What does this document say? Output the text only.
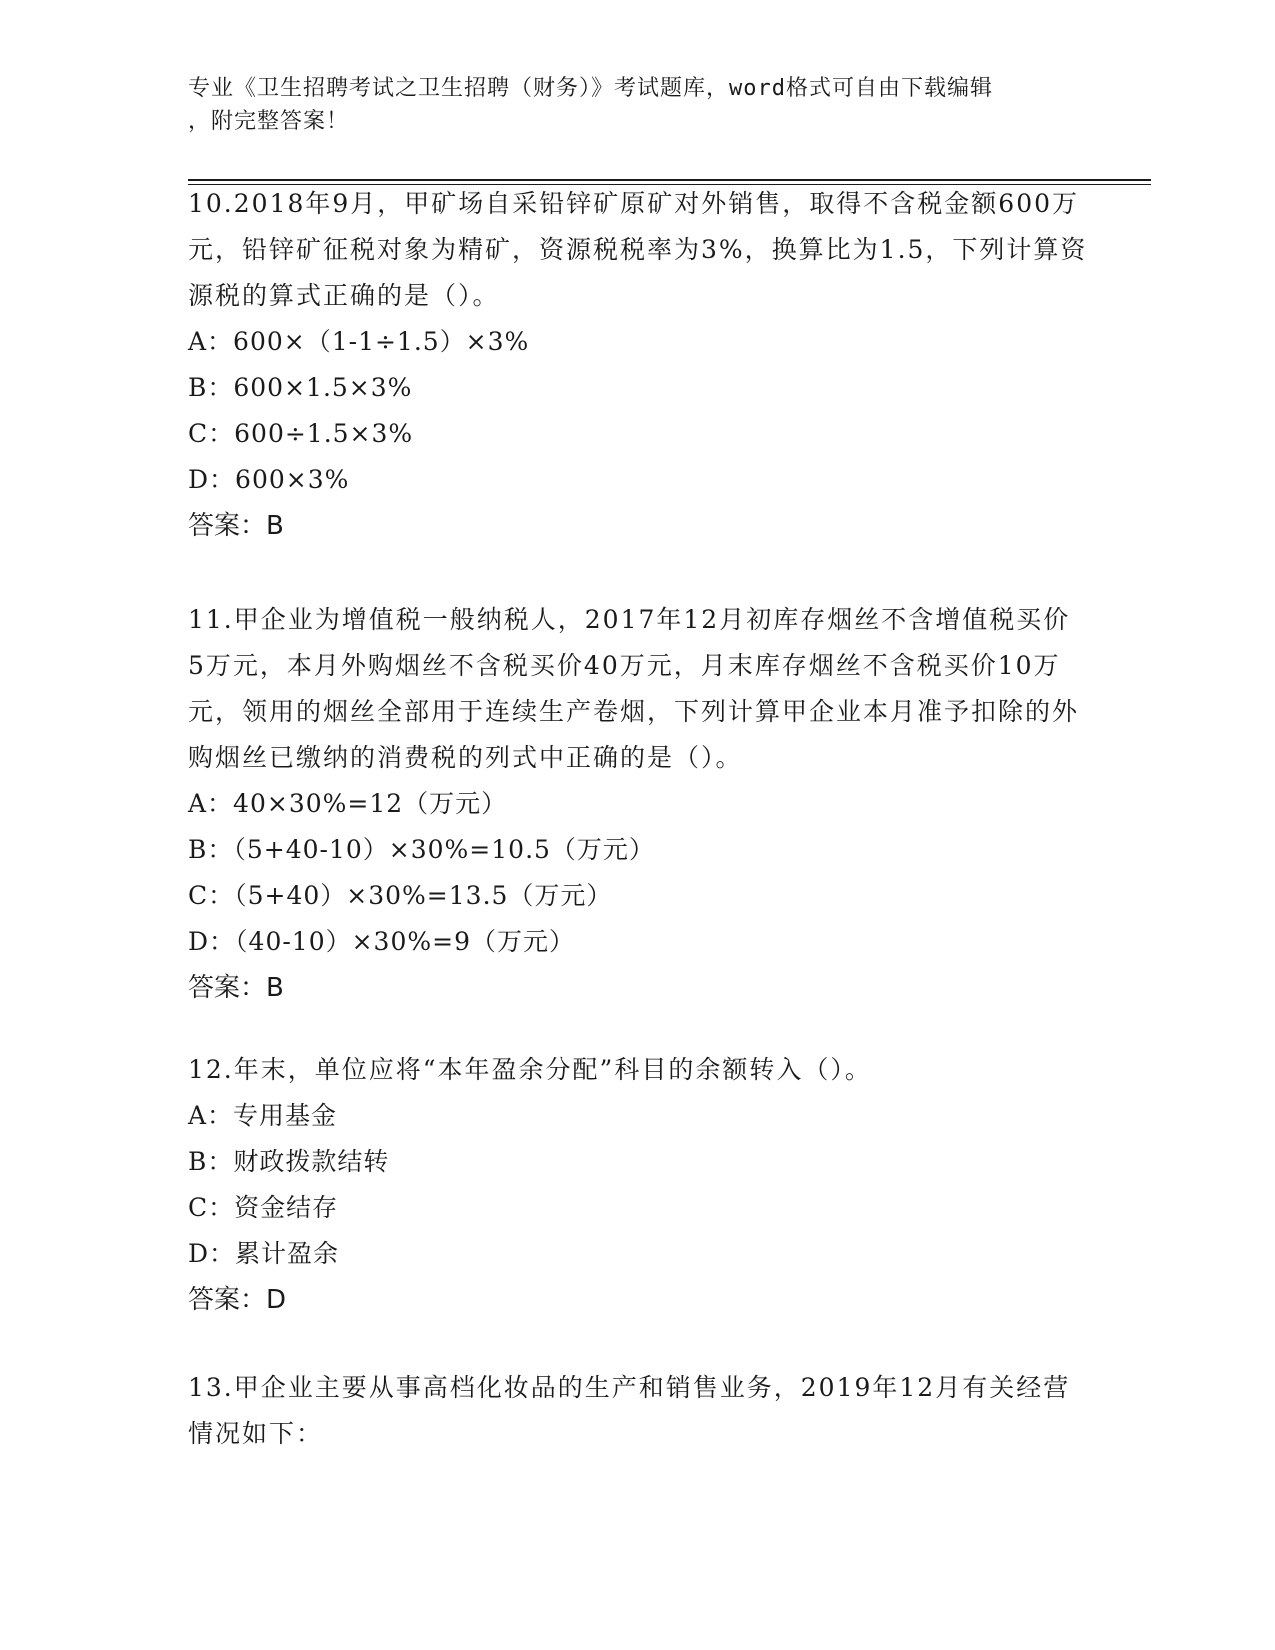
专业《卫生招聘考试之卫生招聘（财务）》考试题库，word格式可自由下载编辑
，附完整答案！

10.2018年9月，甲矿场自采铅锌矿原矿对外销售，取得不含税金额600万元，铅锌矿征税对象为精矿，资源税税率为3%，换算比为1.5，下列计算资源税的算式正确的是（）。

A：600×（1-1÷1.5）×3%

B：600×1.5×3%

C：600÷1.5×3%

D：600×3%

答案：B

11.甲企业为增值税一般纳税人，2017年12月初库存烟丝不含增值税买价5万元，本月外购烟丝不含税买价40万元，月末库存烟丝不含税买价10万元，领用的烟丝全部用于连续生产卷烟，下列计算甲企业本月准予扣除的外购烟丝已缴纳的消费税的列式中正确的是（）。

A：40×30%=12（万元）

B：（5+40-10）×30%=10.5（万元）

C：（5+40）×30%=13.5（万元）

D：（40-10）×30%=9（万元）

答案：B

12.年末，单位应将“本年盈余分配”科目的余额转入（）。

A：专用基金

B：财政拨款结转

C：资金结存

D：累计盈余

答案：D

13.甲企业主要从事高档化妆品的生产和销售业务，2019年12月有关经营情况如下：
